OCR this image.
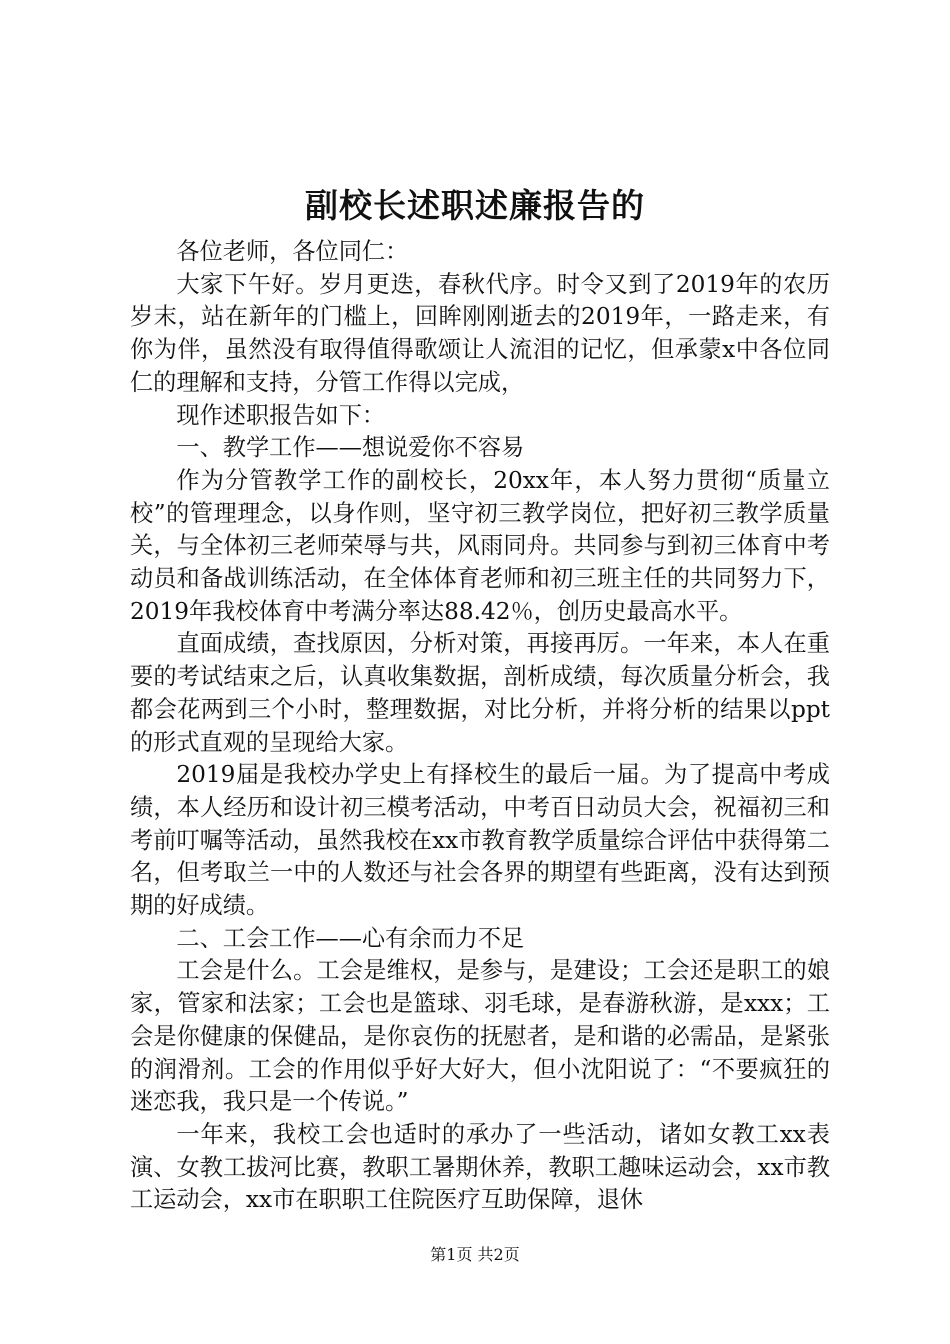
副校长述职述廉报告的

各位老师，各位同仁：

大家下午好。岁月更迭，春秋代序。时令又到了2019年的农历岁末，站在新年的门槛上，回眸刚刚逝去的2019年，一路走来，有你为伴，虽然没有取得值得歌颂让人流泪的记忆，但承蒙x中各位同仁的理解和支持，分管工作得以完成，

现作述职报告如下：

一、教学工作——想说爱你不容易

作为分管教学工作的副校长，20xx年，本人努力贯彻“质量立校”的管理理念，以身作则，坚守初三教学岗位，把好初三教学质量关，与全体初三老师荣辱与共，风雨同舟。共同参与到初三体育中考动员和备战训练活动，在全体体育老师和初三班主任的共同努力下，2019年我校体育中考满分率达88.42％，创历史最高水平。

直面成绩，查找原因，分析对策，再接再厉。一年来，本人在重要的考试结束之后，认真收集数据，剖析成绩，每次质量分析会，我都会花两到三个小时，整理数据，对比分析，并将分析的结果以ppt的形式直观的呈现给大家。

2019届是我校办学史上有择校生的最后一届。为了提高中考成绩，本人经历和设计初三模考活动，中考百日动员大会，祝福初三和考前叮嘱等活动，虽然我校在xx市教育教学质量综合评估中获得第二名，但考取兰一中的人数还与社会各界的期望有些距离，没有达到预期的好成绩。

二、工会工作——心有余而力不足

工会是什么。工会是维权，是参与，是建设；工会还是职工的娘家，管家和法家；工会也是篮球、羽毛球，是春游秋游，是xxx；工会是你健康的保健品，是你哀伤的抚慰者，是和谐的必需品，是紧张的润滑剂。工会的作用似乎好大好大，但小沈阳说了：“不要疯狂的迷恋我，我只是一个传说。”

一年来，我校工会也适时的承办了一些活动，诸如女教工xx表演、女教工拔河比赛，教职工暑期休养，教职工趣味运动会，xx市教工运动会，xx市在职职工住院医疗互助保障，退休

第1页 共2页
